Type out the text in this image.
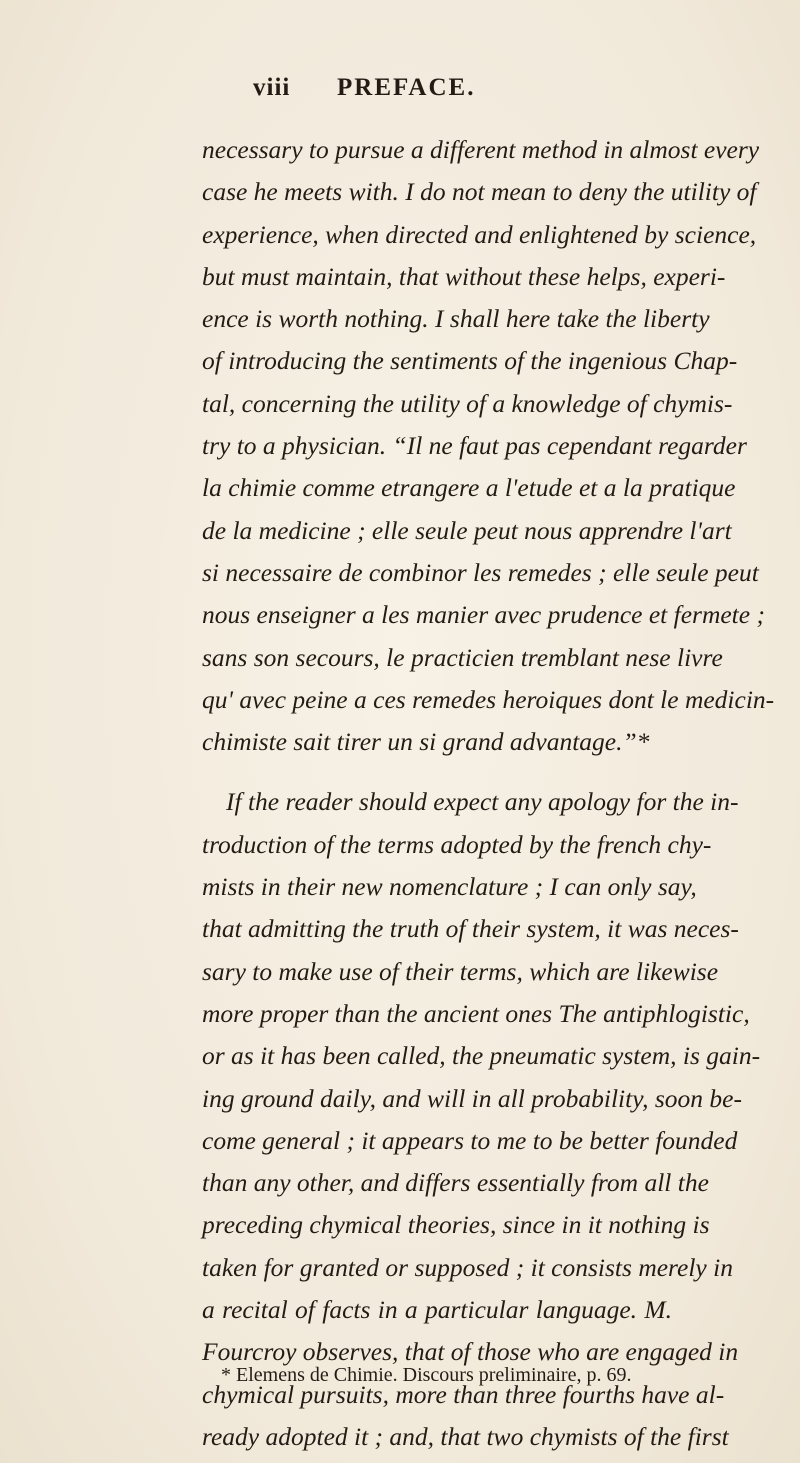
viii PREFACE.
necessary to pursue a different method in almost every
case he meets with. I do not mean to deny the utility of
experience, when directed and enlightened by science,
but must maintain, that without these helps, experi-
ence is worth nothing. I shall here take the liberty
of introducing the sentiments of the ingenious Chap-
tal, concerning the utility of a knowledge of chymis-
try to a physician. “Il ne faut pas cependant regarder
la chimie comme etrangere a l'etude et a la pratique
de la medicine ; elle seule peut nous apprendre l'art
si necessaire de combinor les remedes ; elle seule peut
nous enseigner a les manier avec prudence et fermete ;
sans son secours, le practicien tremblant nese livre
qu' avec peine a ces remedes heroiques dont le medicin-
chimiste sait tirer un si grand advantage.”*
If the reader should expect any apology for the in-
troduction of the terms adopted by the french chy-
mists in their new nomenclature ; I can only say,
that admitting the truth of their system, it was neces-
sary to make use of their terms, which are likewise
more proper than the ancient ones The antiphlogistic,
or as it has been called, the pneumatic system, is gain-
ing ground daily, and will in all probability, soon be-
come general ; it appears to me to be better founded
than any other, and differs essentially from all the
preceding chymical theories, since in it nothing is
taken for granted or supposed ; it consists merely in
a recital of facts in a particular language. M.
Fourcroy observes, that of those who are engaged in
chymical pursuits, more than three fourths have al-
ready adopted it ; and, that two chymists of the first
* Elemens de Chimie. Discours preliminaire, p. 69.
